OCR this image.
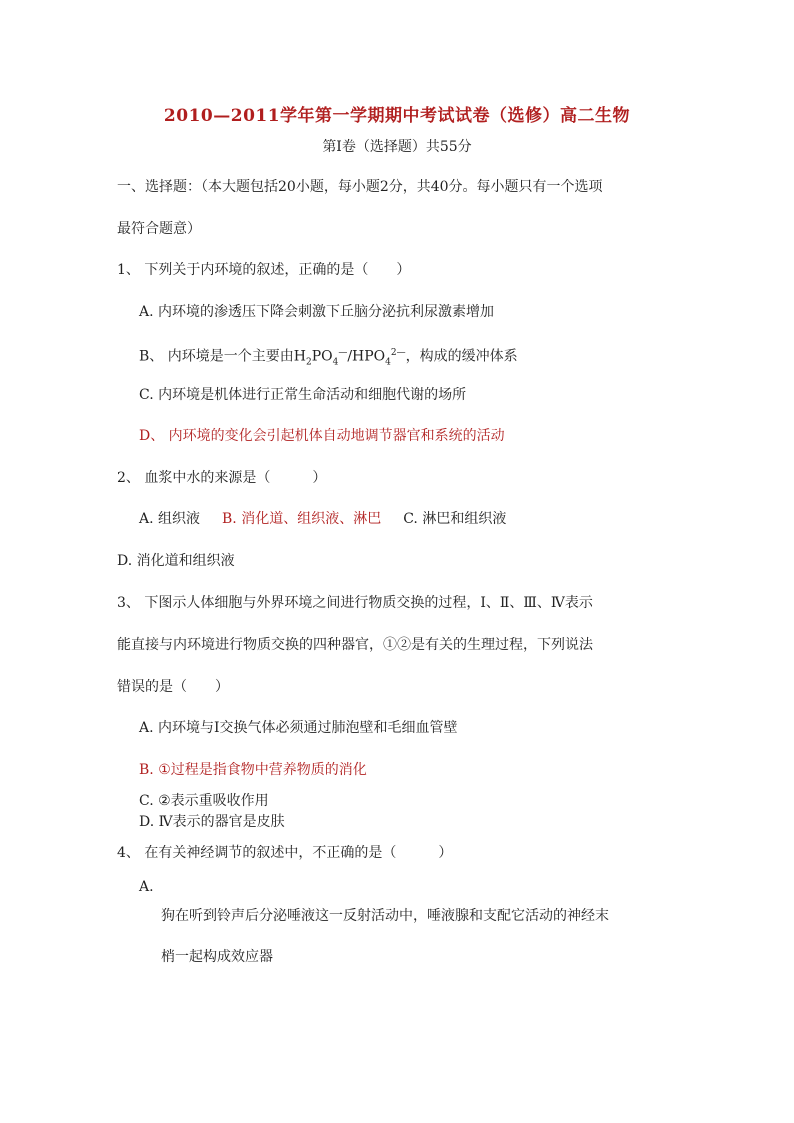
2010—2011学年第一学期期中考试试卷（选修）高二生物
第Ⅰ卷（选择题）共55分
一、选择题：（本大题包括20小题，每小题2分，共40分。每小题只有一个选项
最符合题意）
1、 下列关于内环境的叙述，正确的是（　　）
A. 内环境的渗透压下降会刺激下丘脑分泌抗利尿激素增加
B、 内环境是一个主要由$H_2PO_4^—/HPO_4^{2—}$，构成的缓冲体系
C. 内环境是机体进行正常生命活动和细胞代谢的场所
D、 内环境的变化会引起机体自动地调节器官和系统的活动
2、 血浆中水的来源是（　　　）
A. 组织液 B. 消化道、组织液、淋巴 C. 淋巴和组织液
D. 消化道和组织液
3、 下图示人体细胞与外界环境之间进行物质交换的过程，Ⅰ、Ⅱ、Ⅲ、Ⅳ表示
能直接与内环境进行物质交换的四种器官，①②是有关的生理过程，下列说法
错误的是（　　）
A. 内环境与Ⅰ交换气体必须通过肺泡壁和毛细血管壁
B. ①过程是指食物中营养物质的消化
C. ②表示重吸收作用
D. Ⅳ表示的器官是皮肤
4、 在有关神经调节的叙述中，不正确的是（　　　）
A.
狗在听到铃声后分泌唾液这一反射活动中，唾液腺和支配它活动的神经末
梢一起构成效应器
